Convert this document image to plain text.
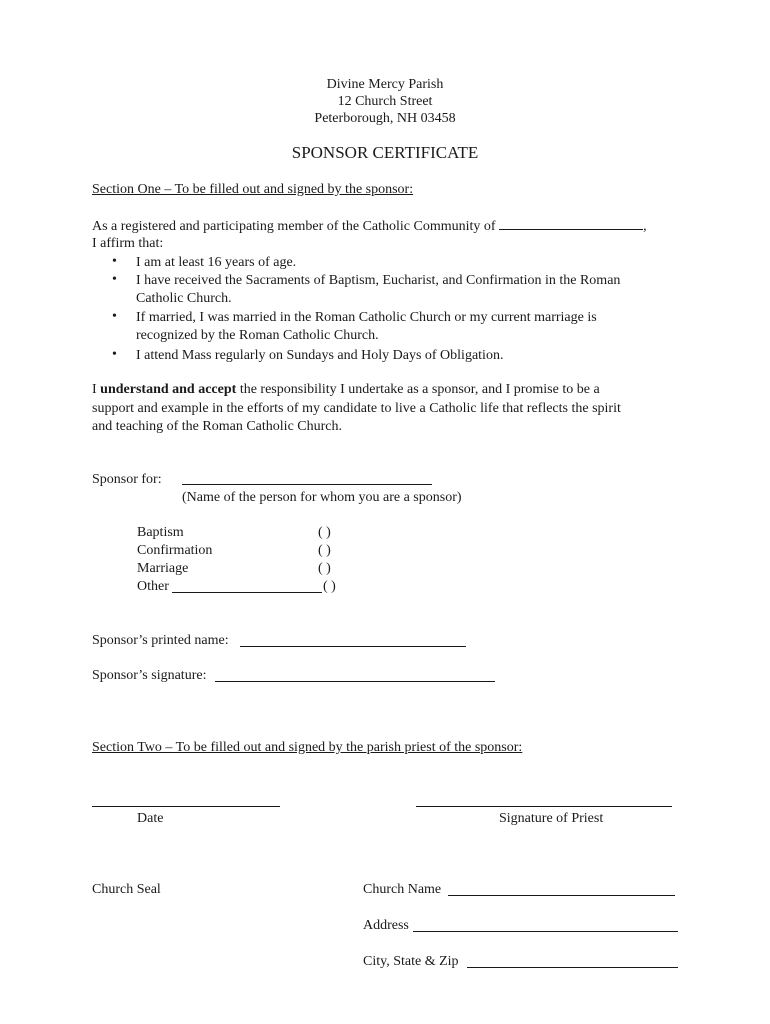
Divine Mercy Parish
12 Church Street
Peterborough, NH 03458
SPONSOR CERTIFICATE
Section One – To be filled out and signed by the sponsor:
As a registered and participating member of the Catholic Community of	,
I affirm that:
• I am at least 16 years of age.
• I have received the Sacraments of Baptism, Eucharist, and Confirmation in the Roman
Catholic Church.
• If married, I was married in the Roman Catholic Church or my current marriage is
recognized by the Roman Catholic Church.
• I attend Mass regularly on Sundays and Holy Days of Obligation.
I understand and accept the responsibility I undertake as a sponsor, and I promise to be a
support and example in the efforts of my candidate to live a Catholic life that reflects the spirit
and teaching of the Roman Catholic Church.
Sponsor for:
(Name of the person for whom you are a sponsor)
Baptism	( )
Confirmation	( )
Marriage	( )
Other	( )
Sponsor’s printed name:
Sponsor’s signature:
Section Two – To be filled out and signed by the parish priest of the sponsor:
Date	Signature of Priest
Church Seal	Church Name
Address
City, State & Zip
